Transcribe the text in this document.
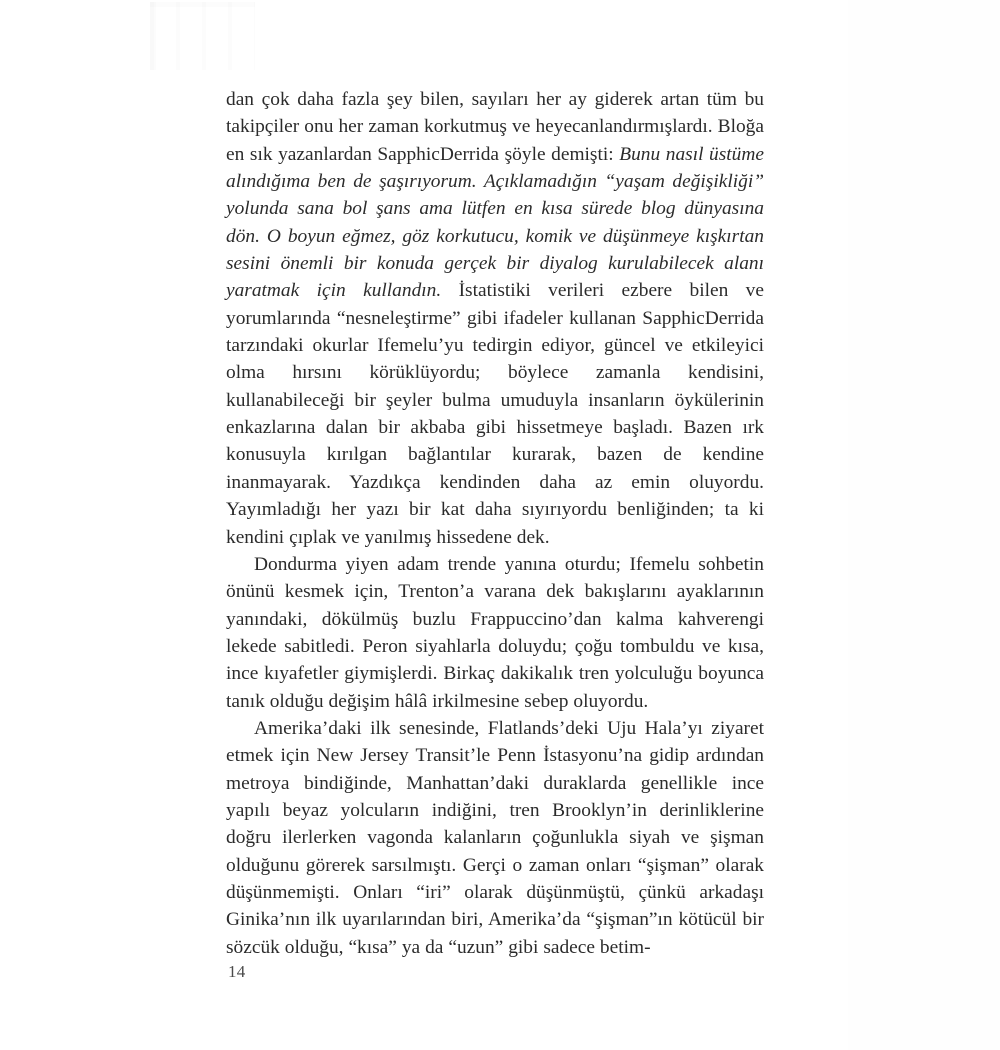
dan çok daha fazla şey bilen, sayıları her ay giderek artan tüm bu takipçiler onu her zaman korkutmuş ve heyecanlandırmışlardı. Bloğa en sık yazanlardan SapphicDerrida şöyle demişti: Bunu nasıl üstüme alındığıma ben de şaşırıyorum. Açıklamadığın “yaşam değişikliği” yolunda sana bol şans ama lütfen en kısa sürede blog dünyasına dön. O boyun eğmez, göz korkutucu, komik ve düşünmeye kışkırtan sesini önemli bir konuda gerçek bir diyalog kurulabilecek alanı yaratmak için kullandın. İstatistiki verileri ezbere bilen ve yorumlarında “nesneleştirme” gibi ifadeler kullanan SapphicDerrida tarzındaki okurlar Ifemelu’yu tedirgin ediyor, güncel ve etkileyici olma hırsını körüklüyordu; böylece zamanla kendisini, kullanabileceği bir şeyler bulma umuduyla insanların öykülerinin enkazlarına dalan bir akbaba gibi hissetmeye başladı. Bazen ırk konusuyla kırılgan bağlantılar kurarak, bazen de kendine inanmayarak. Yazdıkça kendinden daha az emin oluyordu. Yayımladığı her yazı bir kat daha sıyırıyordu benliğinden; ta ki kendini çıplak ve yanılmış hissedene dek.

Dondurma yiyen adam trende yanına oturdu; Ifemelu sohbetin önünü kesmek için, Trenton’a varana dek bakışlarını ayaklarının yanındaki, dökülmüş buzlu Frappuccino’dan kalma kahverengi lekede sabitledi. Peron siyahlarla doluydu; çoğu tombuldu ve kısa, ince kıyafetler giymişlerdi. Birkaç dakikalık tren yolculuğu boyunca tanık olduğu değişim hâlâ irkilmesine sebep oluyordu.

Amerika’daki ilk senesinde, Flatlands’deki Uju Hala’yı ziyaret etmek için New Jersey Transit’le Penn İstasyonu’na gidip ardından metroya bindiğinde, Manhattan’daki duraklarda genellikle ince yapılı beyaz yolcuların indiğini, tren Brooklyn’in derinliklerine doğru ilerlerken vagonda kalanların çoğunlukla siyah ve şişman olduğunu görerek sarsılmıştı. Gerçi o zaman onları “şişman” olarak düşünmemişti. Onları “iri” olarak düşünmüştü, çünkü arkadaşı Ginika’nın ilk uyarılarından biri, Amerika’da “şişman”ın kötücül bir sözcük olduğu, “kısa” ya da “uzun” gibi sadece betim-

14
